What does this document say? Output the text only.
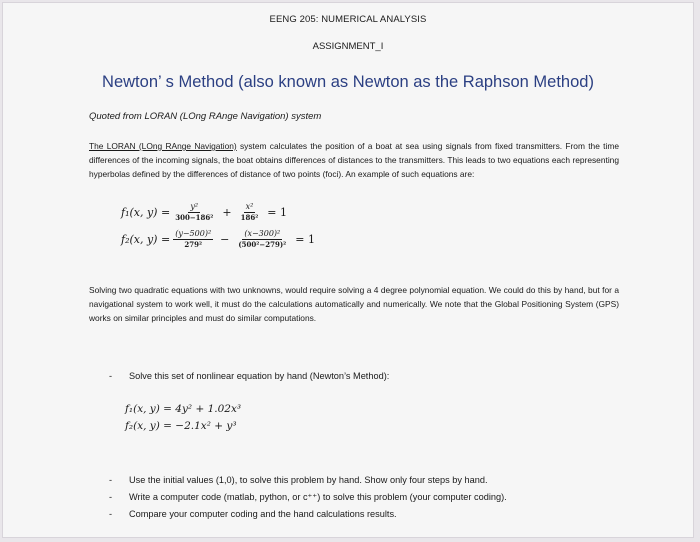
EENG 205: NUMERICAL ANALYSIS
ASSIGNMENT_I
Newton’ s Method (also known as Newton as the Raphson Method)
Quoted from LORAN (LOng RAnge Navigation) system
The LORAN (LOng RAnge Navigation) system calculates the position of a boat at sea using signals from fixed transmitters. From the time differences of the incoming signals, the boat obtains differences of distances to the transmitters. This leads to two equations each representing hyperbolas defined by the differences of distance of two points (foci). An example of such equations are:
f₁(x, $y) = \frac{\text{y²}}{\text{300−186²}} + \frac{\text{x²}}{\text{186²}} = 1$
f₂(x, $y) = \frac{\text{(y−500)²}}{\text{279²}} - \frac{\text{(x−300)²}}{\text{(500²−279)²}} = 1$
Solving two quadratic equations with two unknowns, would require solving a 4 degree polynomial equation. We could do this by hand, but for a navigational system to work well, it must do the calculations automatically and numerically. We note that the Global Positioning System (GPS) works on similar principles and must do similar computations.
-	Solve this set of nonlinear equation by hand (Newton’s Method):
f₁(x, y) = 4y² + 1.02x³
f₂(x, y) = −2.1x² + y³
-	Use the initial values (1,0), to solve this problem by hand. Show only four steps by hand.
-	Write a computer code (matlab, python, or c⁺⁺) to solve this problem (your computer coding).
-	Compare your computer coding and the hand calculations results.
